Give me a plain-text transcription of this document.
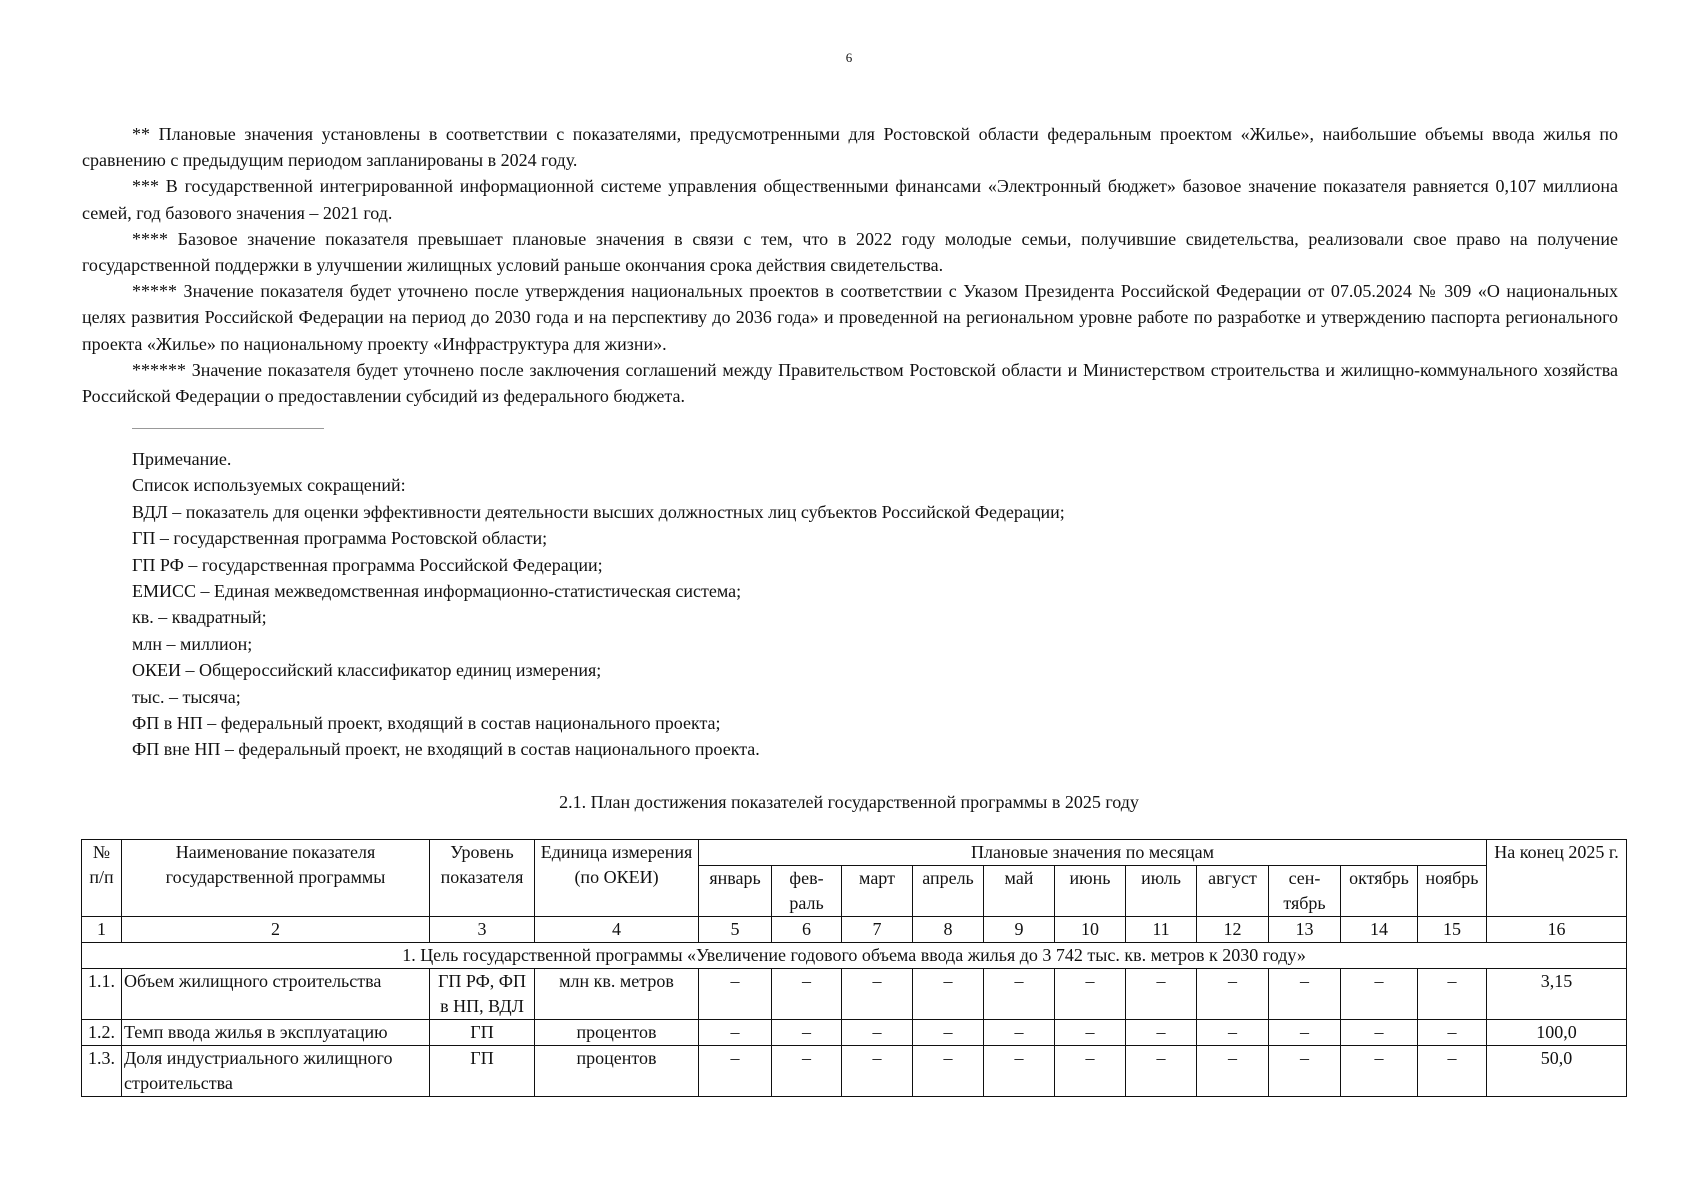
6

** Плановые значения установлены в соответствии с показателями, предусмотренными для Ростовской области федеральным проектом «Жилье», наибольшие объемы ввода жилья по сравнению с предыдущим периодом запланированы в 2024 году.

*** В государственной интегрированной информационной системе управления общественными финансами «Электронный бюджет» базовое значение показателя равняется 0,107 миллиона семей, год базового значения – 2021 год.

**** Базовое значение показателя превышает плановые значения в связи с тем, что в 2022 году молодые семьи, получившие свидетельства, реализовали свое право на получение государственной поддержки в улучшении жилищных условий раньше окончания срока действия свидетельства.

***** Значение показателя будет уточнено после утверждения национальных проектов в соответствии с Указом Президента Российской Федерации от 07.05.2024 № 309 «О национальных целях развития Российской Федерации на период до 2030 года и на перспективу до 2036 года» и проведенной на региональном уровне работе по разработке и утверждению паспорта регионального проекта «Жилье» по национальному проекту «Инфраструктура для жизни».

****** Значение показателя будет уточнено после заключения соглашений между Правительством Ростовской области и Министерством строительства и жилищно-коммунального хозяйства Российской Федерации о предоставлении субсидий из федерального бюджета.

Примечание.
Список используемых сокращений:
ВДЛ – показатель для оценки эффективности деятельности высших должностных лиц субъектов Российской Федерации;
ГП – государственная программа Ростовской области;
ГП РФ – государственная программа Российской Федерации;
ЕМИСС – Единая межведомственная информационно-статистическая система;
кв. – квадратный;
млн – миллион;
ОКЕИ – Общероссийский классификатор единиц измерения;
тыс. – тысяча;
ФП в НП – федеральный проект, входящий в состав национального проекта;
ФП вне НП – федеральный проект, не входящий в состав национального проекта.
2.1. План достижения показателей государственной программы в 2025 году
№ п/п	Наименование показателя государственной программы	Уровень показателя	Единица измерения (по ОКЕИ)	Плановые значения по месяцам											На конец 2025 г.
				январь	фев-раль	март	апрель	май	июнь	июль	август	сен-тябрь	октябрь	ноябрь	
1	2	3	4	5	6	7	8	9	10	11	12	13	14	15	16
1. Цель государственной программы «Увеличение годового объема ввода жилья до 3 742 тыс. кв. метров к 2030 году»															
1.1.	Объем жилищного строительства	ГП РФ, ФП в НП, ВДЛ	млн кв. метров	–	–	–	–	–	–	–	–	–	–	–	3,15
1.2.	Темп ввода жилья в эксплуатацию	ГП	процентов	–	–	–	–	–	–	–	–	–	–	–	100,0
1.3.	Доля индустриального жилищного строительства	ГП	процентов	–	–	–	–	–	–	–	–	–	–	–	50,0
